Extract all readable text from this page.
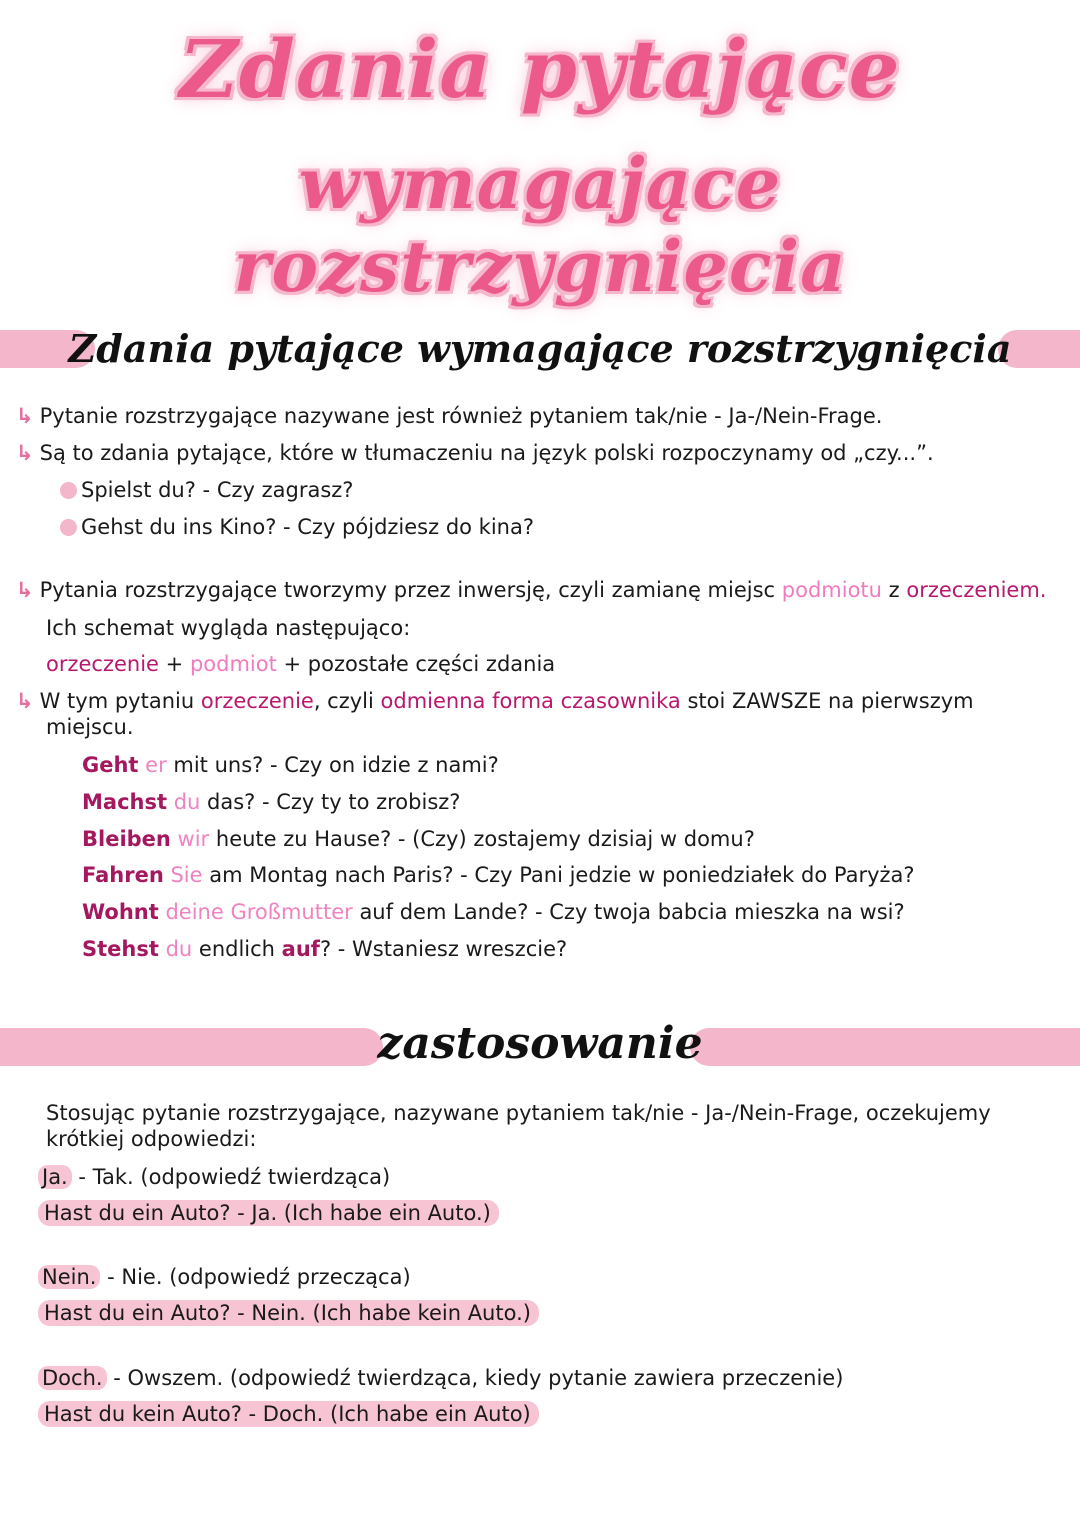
Zdania pytające
wymagające rozstrzygnięcia
Zdania pytające wymagające rozstrzygnięcia
↳ Pytanie rozstrzygające nazywane jest również pytaniem tak/nie - Ja-/Nein-Frage.
↳ Są to zdania pytające, które w tłumaczeniu na język polski rozpoczynamy od „czy...”.
Spielst du? - Czy zagrasz?
Gehst du ins Kino? - Czy pójdziesz do kina?
↳ Pytania rozstrzygające tworzymy przez inwersję, czyli zamianę miejsc podmiotu z orzeczeniem.
Ich schemat wygląda następująco:
orzeczenie + podmiot + pozostałe części zdania
↳ W tym pytaniu orzeczenie, czyli odmienna forma czasownika stoi ZAWSZE na pierwszym
miejscu.
Geht er mit uns? - Czy on idzie z nami?
Machst du das? - Czy ty to zrobisz?
Bleiben wir heute zu Hause? - (Czy) zostajemy dzisiaj w domu?
Fahren Sie am Montag nach Paris? - Czy Pani jedzie w poniedziałek do Paryża?
Wohnt deine Großmutter auf dem Lande? - Czy twoja babcia mieszka na wsi?
Stehst du endlich auf? - Wstaniesz wreszcie?
zastosowanie
Stosując pytanie rozstrzygające, nazywane pytaniem tak/nie - Ja-/Nein-Frage, oczekujemy
krótkiej odpowiedzi:
Ja. - Tak. (odpowiedź twierdząca)
Hast du ein Auto? - Ja. (Ich habe ein Auto.)
Nein. - Nie. (odpowiedź przecząca)
Hast du ein Auto? - Nein. (Ich habe kein Auto.)
Doch. - Owszem. (odpowiedź twierdząca, kiedy pytanie zawiera przeczenie)
Hast du kein Auto? - Doch. (Ich habe ein Auto)
